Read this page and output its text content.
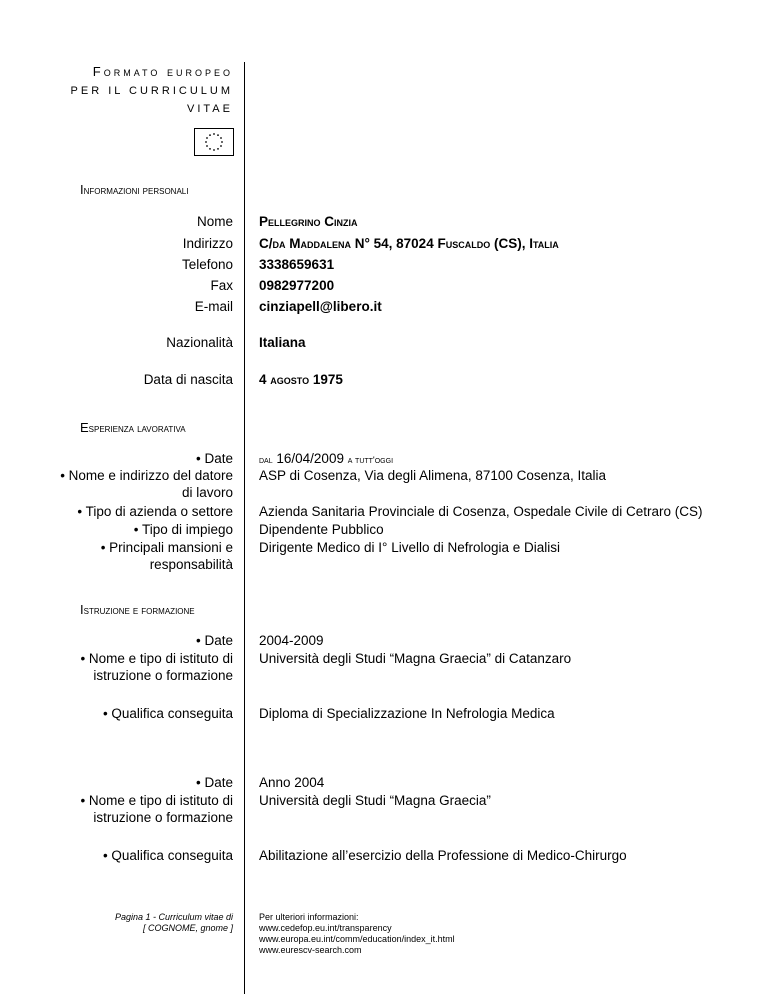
Formato europeo
PER IL CURRICULUM
VITAE
Informazioni personali
Nome Pellegrino Cinzia
Indirizzo C/da Maddalena N° 54, 87024 Fuscaldo (CS), Italia
Telefono 3338659631
Fax 0982977200
E-mail cinziapell@libero.it
Nazionalità Italiana
Data di nascita 4 agosto 1975
Esperienza lavorativa
• Date	dal 16/04/2009 a tutt'oggi
• Nome e indirizzo del datore
di lavoro
ASP di Cosenza, Via degli Alimena, 87100 Cosenza, Italia
• Tipo di azienda o settore Azienda Sanitaria Provinciale di Cosenza, Ospedale Civile di Cetraro (CS)
• Tipo di impiego Dipendente Pubblico
• Principali mansioni e
responsabilità
Dirigente Medico di I° Livello di Nefrologia e Dialisi
Istruzione e formazione
• Date 2004-2009
• Nome e tipo di istituto di
istruzione o formazione
Università degli Studi “Magna Graecia” di Catanzaro
• Qualifica conseguita Diploma di Specializzazione In Nefrologia Medica
• Date Anno 2004
• Nome e tipo di istituto di
istruzione o formazione
Università degli Studi “Magna Graecia”
• Qualifica conseguita Abilitazione all’esercizio della Professione di Medico-Chirurgo
Pagina 1 - Curriculum vitae di
[ COGNOME, gnome ]
Per ulteriori informazioni:
www.cedefop.eu.int/transparency
www.europa.eu.int/comm/education/index_it.html
www.eurescv-search.com
